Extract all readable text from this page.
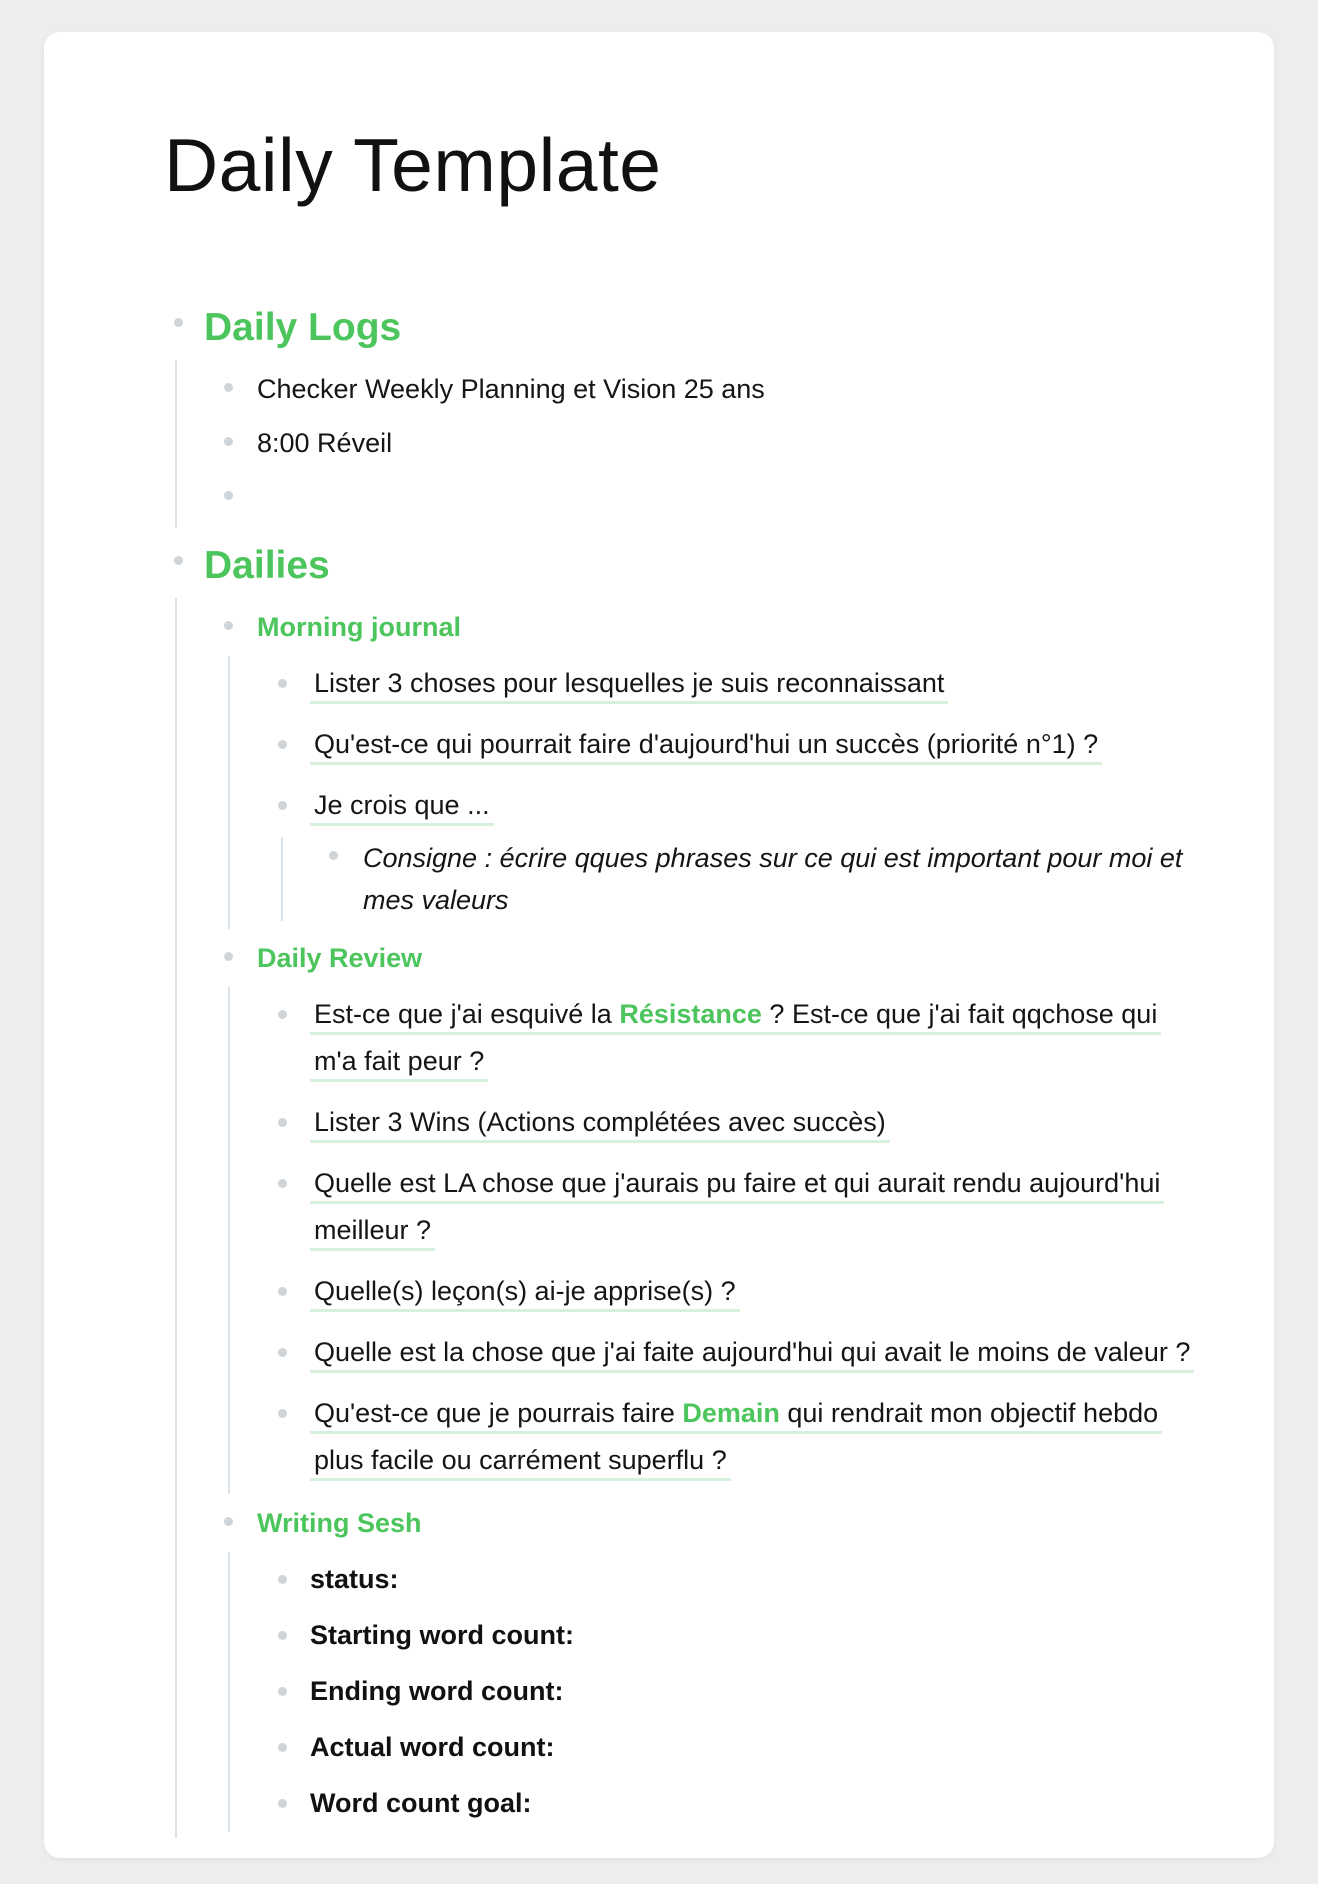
Daily Template
Daily Logs
Checker Weekly Planning et Vision 25 ans
8:00 Réveil
Dailies
Morning journal
Lister 3 choses pour lesquelles je suis reconnaissant
Qu'est-ce qui pourrait faire d'aujourd'hui un succès (priorité n°1) ?
Je crois que ...
Consigne : écrire qques phrases sur ce qui est important pour moi et mes valeurs
Daily Review
Est-ce que j'ai esquivé la Résistance ? Est-ce que j'ai fait qqchose qui m'a fait peur ?
Lister 3 Wins (Actions complétées avec succès)
Quelle est LA chose que j'aurais pu faire et qui aurait rendu aujourd'hui meilleur ?
Quelle(s) leçon(s) ai-je apprise(s) ?
Quelle est la chose que j'ai faite aujourd'hui qui avait le moins de valeur ?
Qu'est-ce que je pourrais faire Demain qui rendrait mon objectif hebdo plus facile ou carrément superflu ?
Writing Sesh
status:
Starting word count:
Ending word count:
Actual word count:
Word count goal:
